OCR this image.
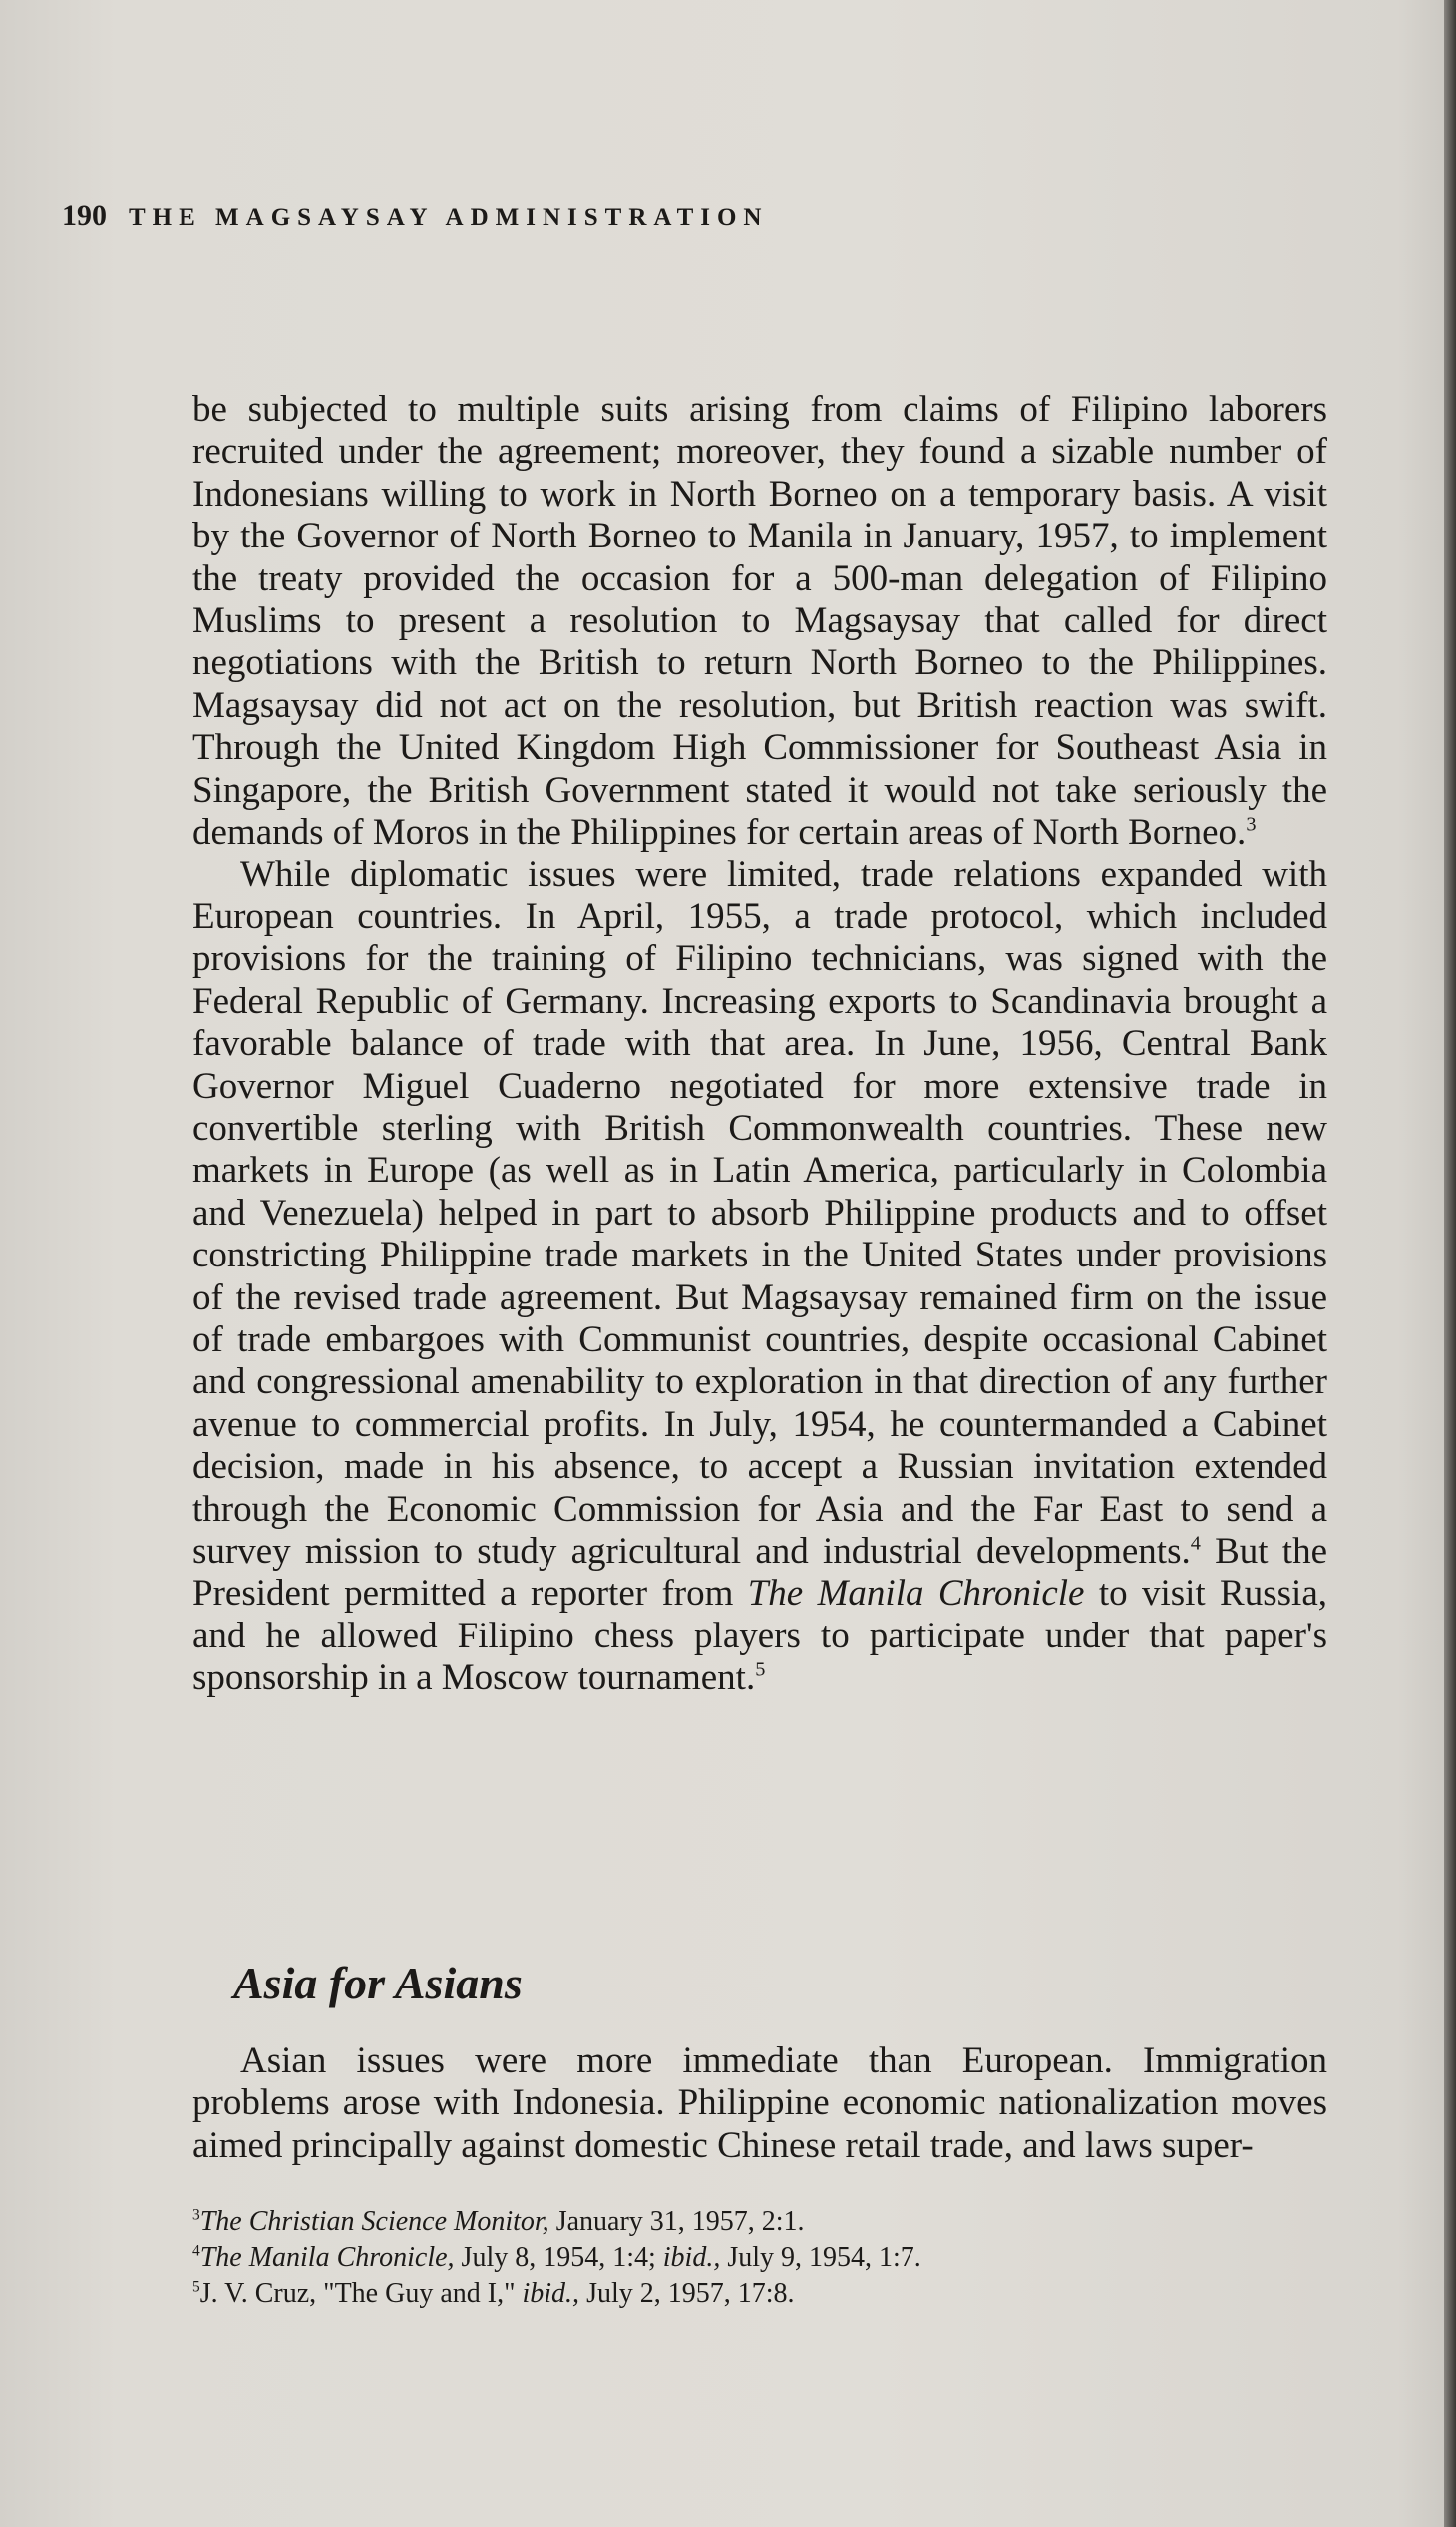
190 THE MAGSAYSAY ADMINISTRATION

be subjected to multiple suits arising from claims of Filipino laborers recruited under the agreement; moreover, they found a sizable number of Indonesians willing to work in North Borneo on a temporary basis. A visit by the Governor of North Borneo to Manila in January, 1957, to implement the treaty provided the occasion for a 500-man delegation of Filipino Muslims to present a resolution to Magsaysay that called for direct negotiations with the British to return North Borneo to the Philippines. Magsaysay did not act on the resolution, but British reaction was swift. Through the United Kingdom High Commissioner for Southeast Asia in Singapore, the British Government stated it would not take seriously the demands of Moros in the Philippines for certain areas of North Borneo.$^3$

While diplomatic issues were limited, trade relations expanded with European countries. In April, 1955, a trade protocol, which included provisions for the training of Filipino technicians, was signed with the Federal Republic of Germany. Increasing exports to Scandinavia brought a favorable balance of trade with that area. In June, 1956, Central Bank Governor Miguel Cuaderno negotiated for more extensive trade in convertible sterling with British Commonwealth countries. These new markets in Europe (as well as in Latin America, particularly in Colombia and Venezuela) helped in part to absorb Philippine products and to offset constricting Philippine trade markets in the United States under provisions of the revised trade agreement. But Magsaysay remained firm on the issue of trade embargoes with Communist countries, despite occasional Cabinet and congressional amenability to exploration in that direction of any further avenue to commercial profits. In July, 1954, he countermanded a Cabinet decision, made in his absence, to accept a Russian invitation extended through the Economic Commission for Asia and the Far East to send a survey mission to study agricultural and industrial developments.$^4$ But the President permitted a reporter from The Manila Chronicle to visit Russia, and he allowed Filipino chess players to participate under that paper's sponsorship in a Moscow tournament.$^5$

Asia for Asians

Asian issues were more immediate than European. Immigration problems arose with Indonesia. Philippine economic nationalization moves aimed principally against domestic Chinese retail trade, and laws super-

$^3$The Christian Science Monitor, January 31, 1957, 2:1.
$^4$The Manila Chronicle, July 8, 1954, 1:4; ibid., July 9, 1954, 1:7.
$^5$J. V. Cruz, "The Guy and I," ibid., July 2, 1957, 17:8.
